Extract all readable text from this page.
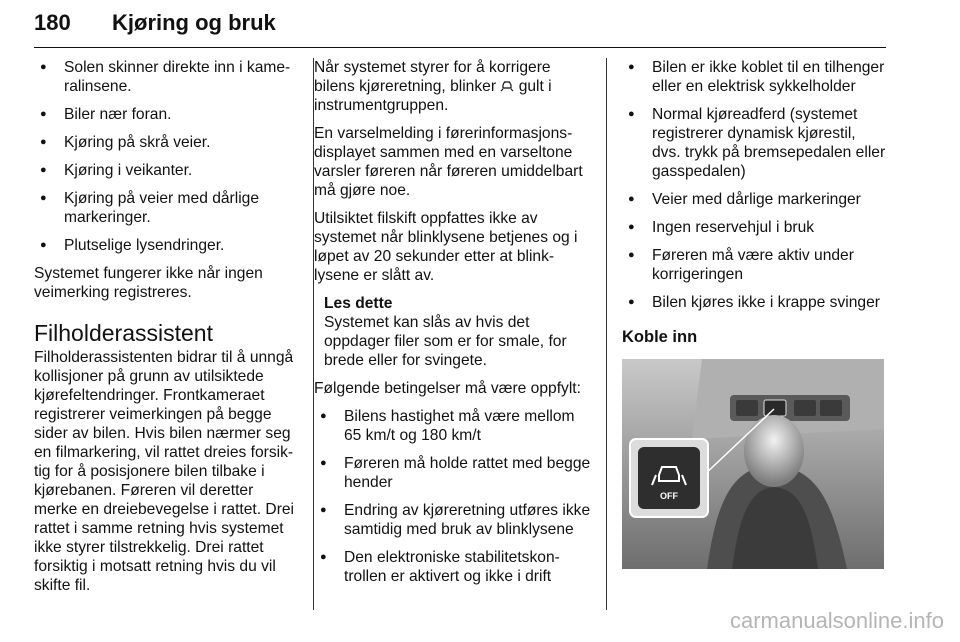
180 Kjøring og bruk
● Solen skinner direkte inn i kameralinsene.
● Biler nær foran.
● Kjøring på skrå veier.
● Kjøring i veikanter.
● Kjøring på veier med dårlige markeringer.
● Plutselige lysendringer.

Systemet fungerer ikke når ingen veimerking registreres.

Filholderassistent

Filholderassistenten bidrar til å unngå kollisjoner på grunn av utilsiktede kjørefeltendringer. Frontkameraet registrerer veimerkingen på begge sider av bilen. Hvis bilen nærmer seg en filmarkering, vil rattet dreies forsiktig for å posisjonere bilen tilbake i kjørebanen. Føreren vil deretter merke en dreiebevegelse i rattet. Drei rattet i samme retning hvis systemet ikke styrer tilstrekkelig. Drei rattet forsiktig i motsatt retning hvis du vil skifte fil.

Når systemet styrer for å korrigere bilens kjøreretning, blinker gult i instrumentgruppen.

En varselmelding i førerinformasjonsdisplayet sammen med en varseltone varsler føreren når føreren umiddelbart må gjøre noe.

Utilsiktet filskift oppfattes ikke av systemet når blinklysene betjenes og i løpet av 20 sekunder etter at blinklysene er slått av.

Les dette
Systemet kan slås av hvis det oppdager filer som er for smale, for brede eller for svingete.

Følgende betingelser må være oppfylt:

● Bilens hastighet må være mellom 65 km/t og 180 km/t
● Føreren må holde rattet med begge hender
● Endring av kjøreretning utføres ikke samtidig med bruk av blinklysene
● Den elektroniske stabilitetskontrollen er aktivert og ikke i drift
● Bilen er ikke koblet til en tilhenger eller en elektrisk sykkelholder
● Normal kjøreadferd (systemet registrerer dynamisk kjørestil, dvs. trykk på bremsepedalen eller gasspedalen)
● Veier med dårlige markeringer
● Ingen reservehjul i bruk
● Føreren må være aktiv under korrigeringen
● Bilen kjøres ikke i krappe svinger
Koble inn
OFF
carmanualsonline.info
